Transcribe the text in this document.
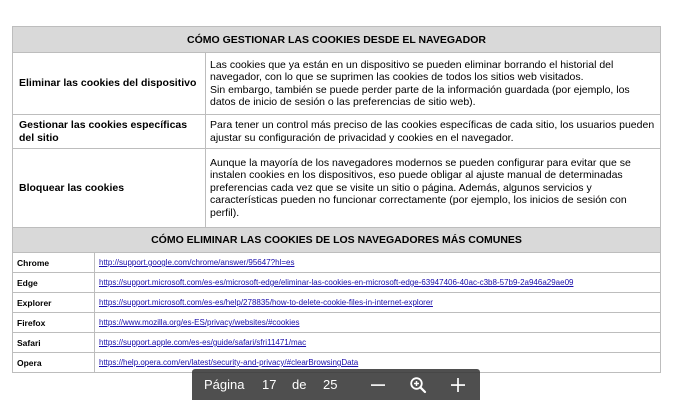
CÓMO GESTIONAR LAS COOKIES DESDE EL NAVEGADOR		
Eliminar las cookies del dispositivo		Las cookies que ya están en un dispositivo se pueden eliminar borrando el historial del navegador, con lo que se suprimen las cookies de todos los sitios web visitados.
Sin embargo, también se puede perder parte de la información guardada (por ejemplo, los datos de inicio de sesión o las preferencias de sitio web).
Gestionar las cookies específicas del sitio		Para tener un control más preciso de las cookies específicas de cada sitio, los usuarios pueden ajustar su configuración de privacidad y cookies en el navegador.
Bloquear las cookies		Aunque la mayoría de los navegadores modernos se pueden configurar para evitar que se instalen cookies en los dispositivos, eso puede obligar al ajuste manual de determinadas preferencias cada vez que se visite un sitio o página. Además, algunos servicios y características pueden no funcionar correctamente (por ejemplo, los inicios de sesión con perfil).
CÓMO ELIMINAR LAS COOKIES DE LOS NAVEGADORES MÁS COMUNES		
Chrome	http://support.google.com/chrome/answer/95647?hl=es	
Edge	https://support.microsoft.com/es-es/microsoft-edge/eliminar-las-cookies-en-microsoft-edge-63947406-40ac-c3b8-57b9-2a946a29ae09	
Explorer	https://support.microsoft.com/es-es/help/278835/how-to-delete-cookie-files-in-internet-explorer	
Firefox	https://www.mozilla.org/es-ES/privacy/websites/#cookies	
Safari	https://support.apple.com/es-es/guide/safari/sfri11471/mac	
Opera	https://help.opera.com/en/latest/security-and-privacy/#clearBrowsingData	
Página 17 de 25
